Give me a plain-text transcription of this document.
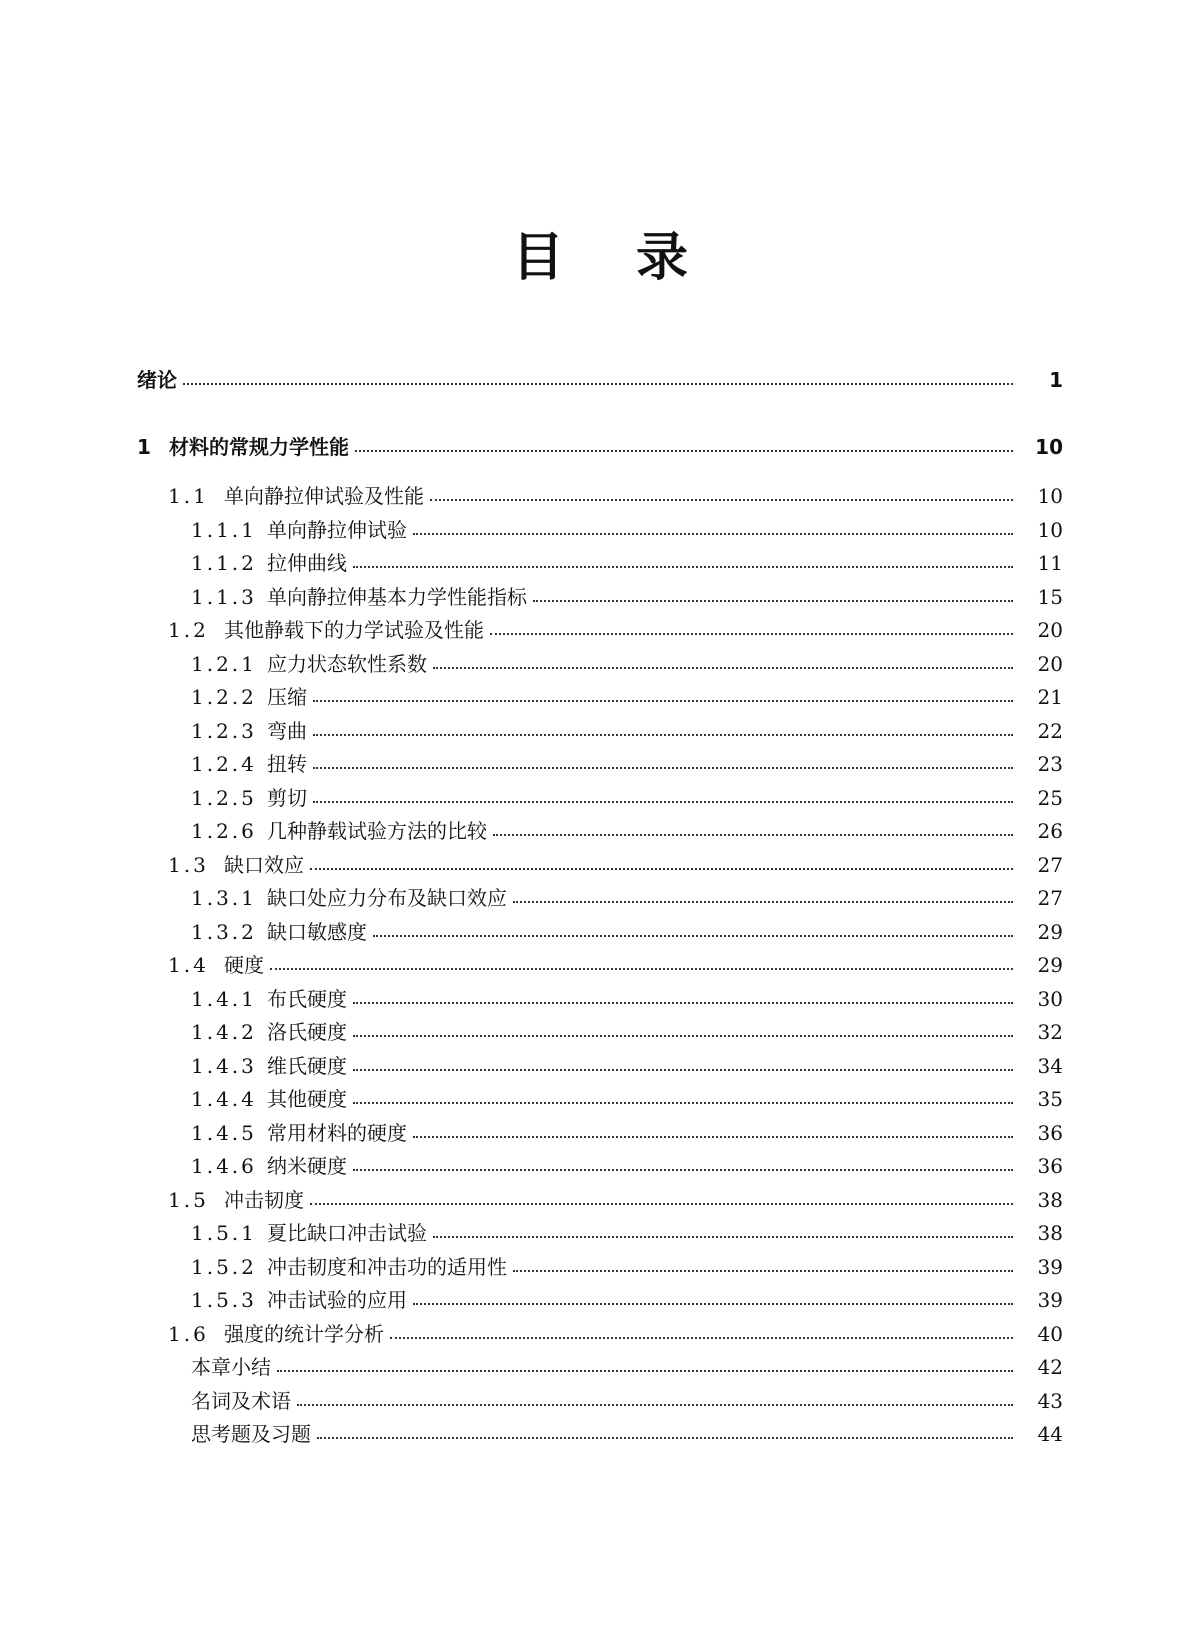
目 录
绪论	1
1 材料的常规力学性能	10
1.1 单向静拉伸试验及性能	10
1.1.1 单向静拉伸试验	10
1.1.2 拉伸曲线	11
1.1.3 单向静拉伸基本力学性能指标	15
1.2 其他静载下的力学试验及性能	20
1.2.1 应力状态软性系数	20
1.2.2 压缩	21
1.2.3 弯曲	22
1.2.4 扭转	23
1.2.5 剪切	25
1.2.6 几种静载试验方法的比较	26
1.3 缺口效应	27
1.3.1 缺口处应力分布及缺口效应	27
1.3.2 缺口敏感度	29
1.4 硬度	29
1.4.1 布氏硬度	30
1.4.2 洛氏硬度	32
1.4.3 维氏硬度	34
1.4.4 其他硬度	35
1.4.5 常用材料的硬度	36
1.4.6 纳米硬度	36
1.5 冲击韧度	38
1.5.1 夏比缺口冲击试验	38
1.5.2 冲击韧度和冲击功的适用性	39
1.5.3 冲击试验的应用	39
1.6 强度的统计学分析	40
本章小结	42
名词及术语	43
思考题及习题	44
